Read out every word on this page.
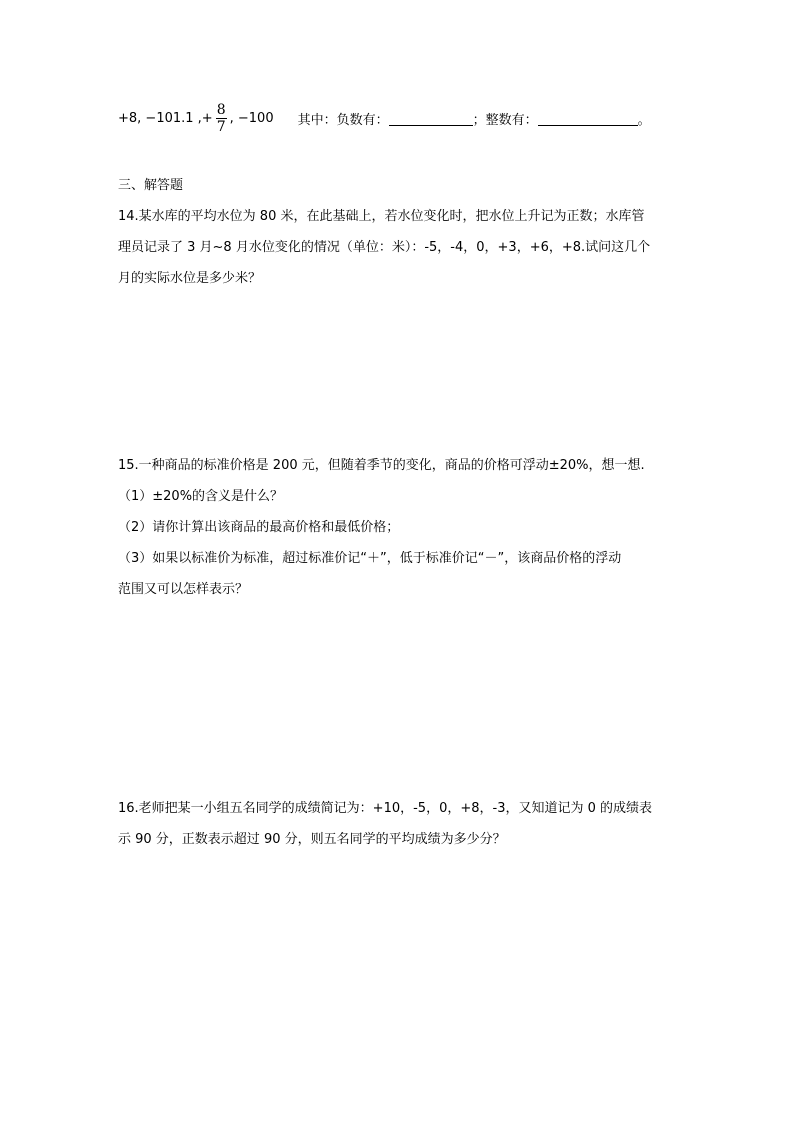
+8, −101.1 ,+ $\frac{8}{7}$ , −100 其中：负数有：	；整数有：	。
三、解答题
14.某水库的平均水位为 80 米，在此基础上，若水位变化时，把水位上升记为正数；水库管
理员记录了 3 月~8 月水位变化的情况（单位：米）：-5，-4，0，+3，+6，+8.试问这几个
月的实际水位是多少米？
15.一种商品的标准价格是 200 元，但随着季节的变化，商品的价格可浮动±20%，想一想.
（1）±20%的含义是什么？
（2）请你计算出该商品的最高价格和最低价格；
（3）如果以标准价为标准，超过标准价记“＋”，低于标准价记“－”，该商品价格的浮动
范围又可以怎样表示？
16.老师把某一小组五名同学的成绩简记为：+10，-5，0，+8，-3，又知道记为 0 的成绩表
示 90 分，正数表示超过 90 分，则五名同学的平均成绩为多少分？
